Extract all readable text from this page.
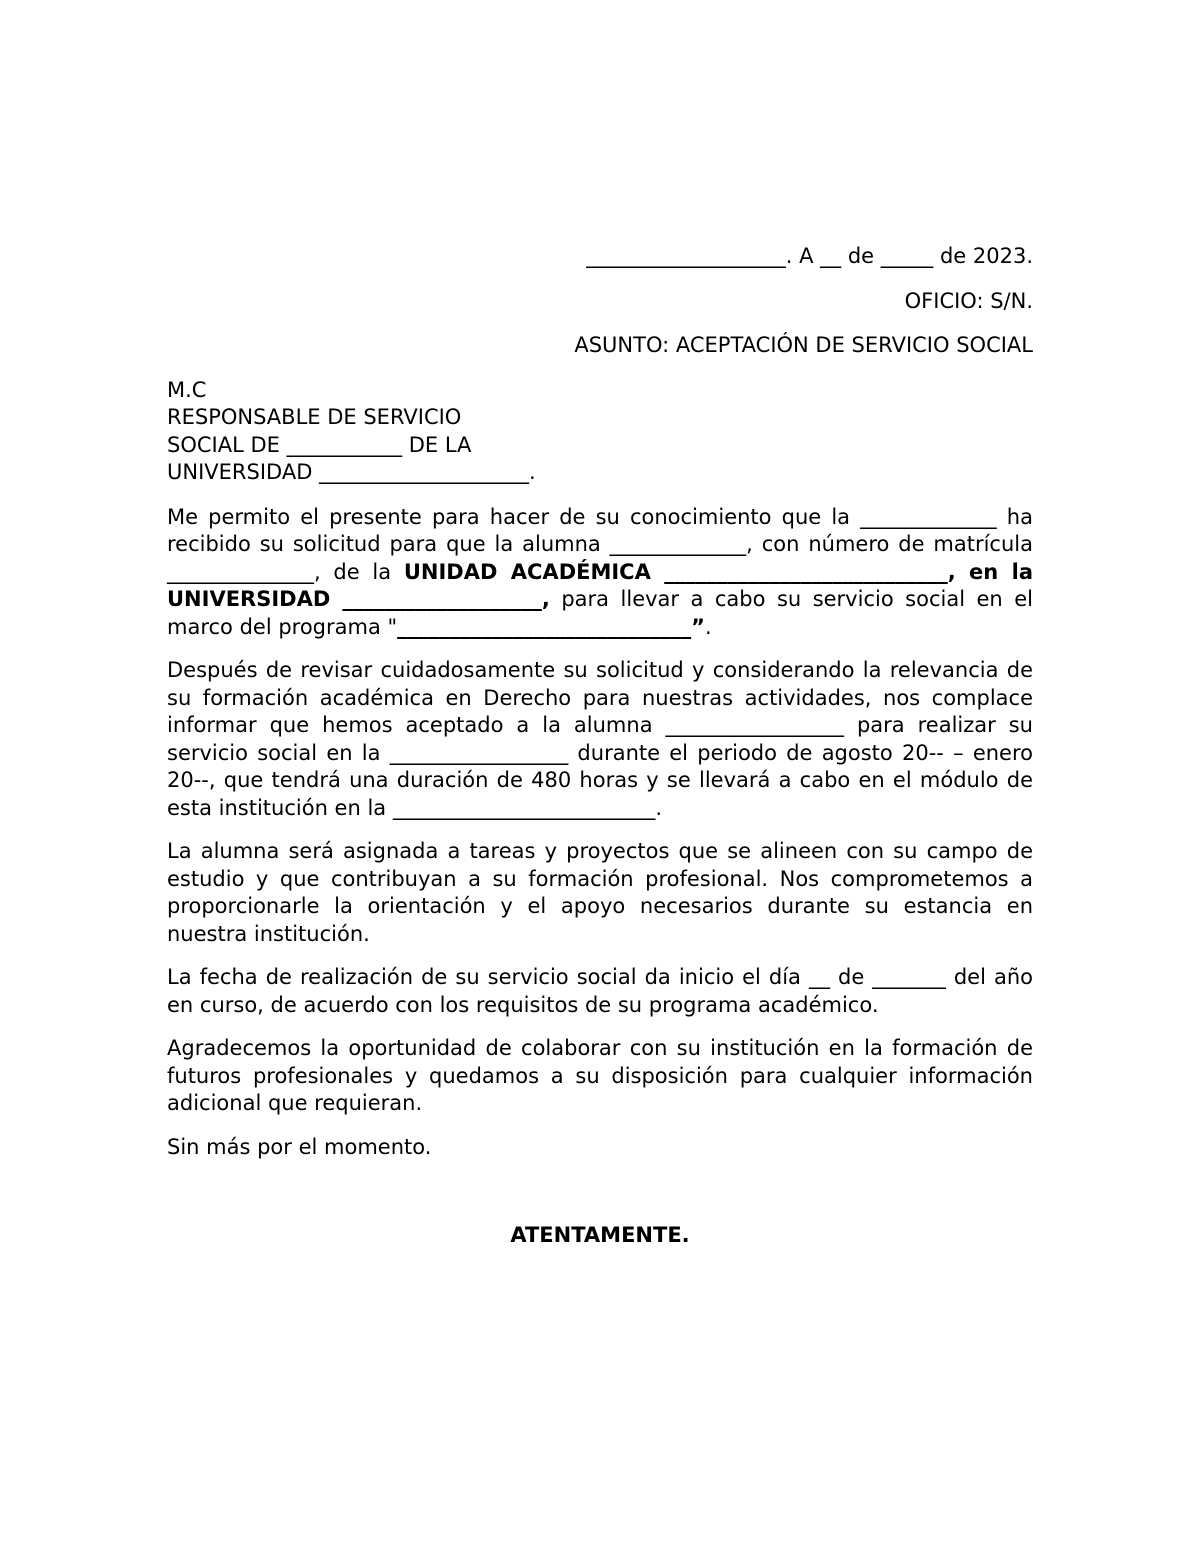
___________________. A __ de _____ de 2023.

OFICIO: S/N.

ASUNTO: ACEPTACIÓN DE SERVICIO SOCIAL

M.C
RESPONSABLE DE SERVICIO
SOCIAL DE ___________ DE LA
UNIVERSIDAD ____________________.

Me permito el presente para hacer de su conocimiento que la _____________ ha recibido su solicitud para que la alumna _____________, con número de matrícula ______________, de la UNIDAD ACADÉMICA ___________________________, en la UNIVERSIDAD ___________________, para llevar a cabo su servicio social en el marco del programa "____________________________”.

Después de revisar cuidadosamente su solicitud y considerando la relevancia de su formación académica en Derecho para nuestras actividades, nos complace informar que hemos aceptado a la alumna _________________ para realizar su servicio social en la _________________ durante el periodo de agosto 20-- – enero 20--, que tendrá una duración de 480 horas y se llevará a cabo en el módulo de esta institución en la _________________________.

La alumna será asignada a tareas y proyectos que se alineen con su campo de estudio y que contribuyan a su formación profesional. Nos comprometemos a proporcionarle la orientación y el apoyo necesarios durante su estancia en nuestra institución.

La fecha de realización de su servicio social da inicio el día __ de _______ del año en curso, de acuerdo con los requisitos de su programa académico.

Agradecemos la oportunidad de colaborar con su institución en la formación de futuros profesionales y quedamos a su disposición para cualquier información adicional que requieran.

Sin más por el momento.

ATENTAMENTE.
